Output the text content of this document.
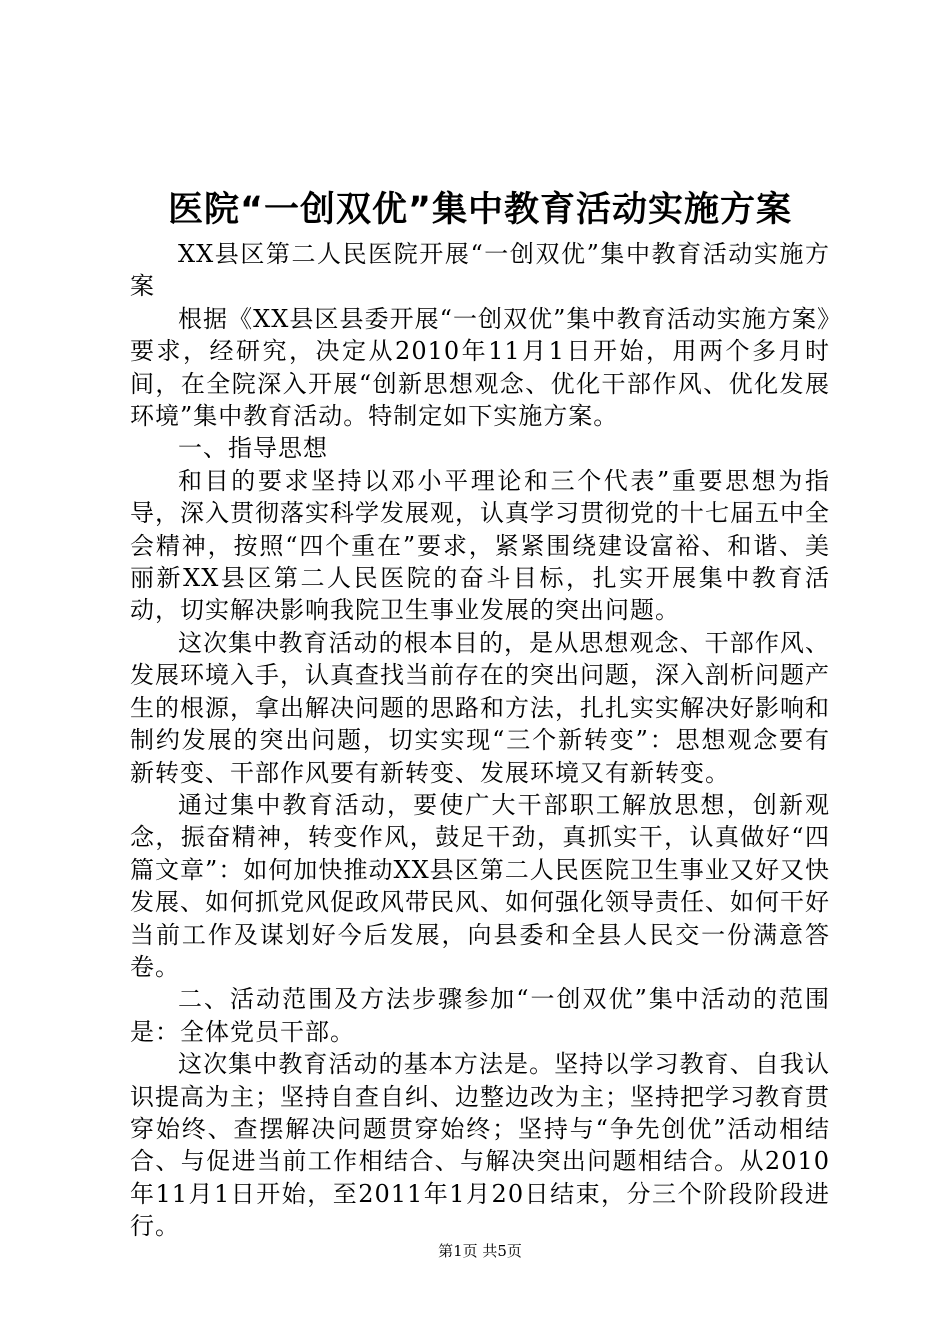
医院“一创双优”集中教育活动实施方案

XX县区第二人民医院开展“一创双优”集中教育活动实施方案

根据《XX县区县委开展“一创双优”集中教育活动实施方案》要求，经研究，决定从2010年11月1日开始，用两个多月时间，在全院深入开展“创新思想观念、优化干部作风、优化发展环境”集中教育活动。特制定如下实施方案。

一、指导思想

和目的要求坚持以邓小平理论和三个代表”重要思想为指导，深入贯彻落实科学发展观，认真学习贯彻党的十七届五中全会精神，按照“四个重在”要求，紧紧围绕建设富裕、和谐、美丽新XX县区第二人民医院的奋斗目标，扎实开展集中教育活动，切实解决影响我院卫生事业发展的突出问题。

这次集中教育活动的根本目的，是从思想观念、干部作风、发展环境入手，认真查找当前存在的突出问题，深入剖析问题产生的根源，拿出解决问题的思路和方法，扎扎实实解决好影响和制约发展的突出问题，切实实现“三个新转变”：思想观念要有新转变、干部作风要有新转变、发展环境又有新转变。

通过集中教育活动，要使广大干部职工解放思想，创新观念，振奋精神，转变作风，鼓足干劲，真抓实干，认真做好“四篇文章”：如何加快推动XX县区第二人民医院卫生事业又好又快发展、如何抓党风促政风带民风、如何强化领导责任、如何干好当前工作及谋划好今后发展，向县委和全县人民交一份满意答卷。

二、活动范围及方法步骤参加“一创双优”集中活动的范围是：全体党员干部。

这次集中教育活动的基本方法是。坚持以学习教育、自我认识提高为主；坚持自查自纠、边整边改为主；坚持把学习教育贯穿始终、查摆解决问题贯穿始终；坚持与“争先创优”活动相结合、与促进当前工作相结合、与解决突出问题相结合。从2010年11月1日开始，至2011年1月20日结束，分三个阶段阶段进行。

第1页 共5页
